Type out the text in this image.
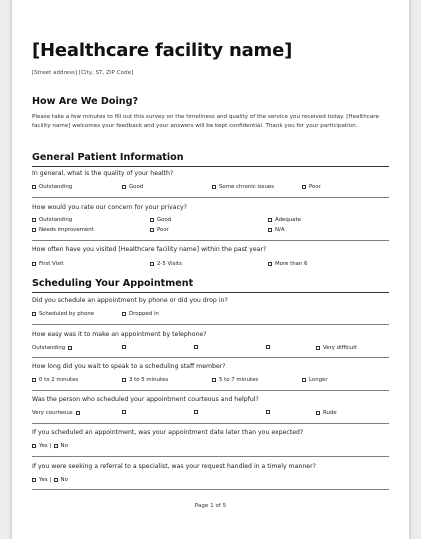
[Healthcare facility name]
[Street address] [City, ST, ZIP Code]
How Are We Doing?
Please take a few minutes to fill out this survey on the timeliness and quality of the service you received today. [Healthcare facility name] welcomes your feedback and your answers will be kept confidential. Thank you for your participation.
General Patient Information
In general, what is the quality of your health?
Outstanding	Good	Some chronic issues	Poor
How would you rate our concern for your privacy?
Outstanding	Good	Adequate
Needs improvement	Poor	N/A
How often have you visited [Healthcare facility name] within the past year?
First Visit	2-5 Visits	More than 6
Scheduling Your Appointment
Did you schedule an appointment by phone or did you drop in?
Scheduled by phone	Dropped in
How easy was it to make an appointment by telephone?
Outstanding	Very difficult
How long did you wait to speak to a scheduling staff member?
0 to 2 minutes	3 to 5 minutes	5 to 7 minutes	Longer
Was the person who scheduled your appointment courteous and helpful?
Very courteous	Rude
If you scheduled an appointment, was your appointment date later than you expected?
Yes | No
If you were seeking a referral to a specialist, was your request handled in a timely manner?
Yes | No
Page 1 of 5
